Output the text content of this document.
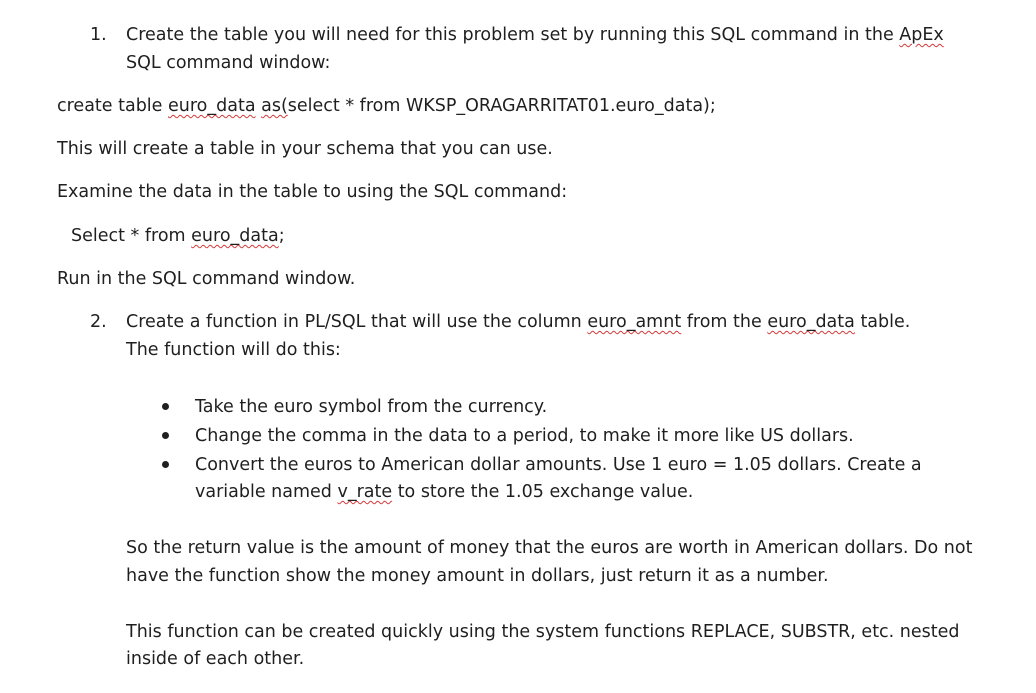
1. Create the table you will need for this problem set by running this SQL command in the ApEx
SQL command window:
create table euro_data as(select * from WKSP_ORAGARRITAT01.euro_data);
This will create a table in your schema that you can use.
Examine the data in the table to using the SQL command:
Select * from euro_data;
Run in the SQL command window.
2. Create a function in PL/SQL that will use the column euro_amnt from the euro_data table.
The function will do this:
Take the euro symbol from the currency.
Change the comma in the data to a period, to make it more like US dollars.
Convert the euros to American dollar amounts. Use 1 euro = 1.05 dollars. Create a
variable named v_rate to store the 1.05 exchange value.
So the return value is the amount of money that the euros are worth in American dollars. Do not
have the function show the money amount in dollars, just return it as a number.
This function can be created quickly using the system functions REPLACE, SUBSTR, etc. nested
inside of each other.
